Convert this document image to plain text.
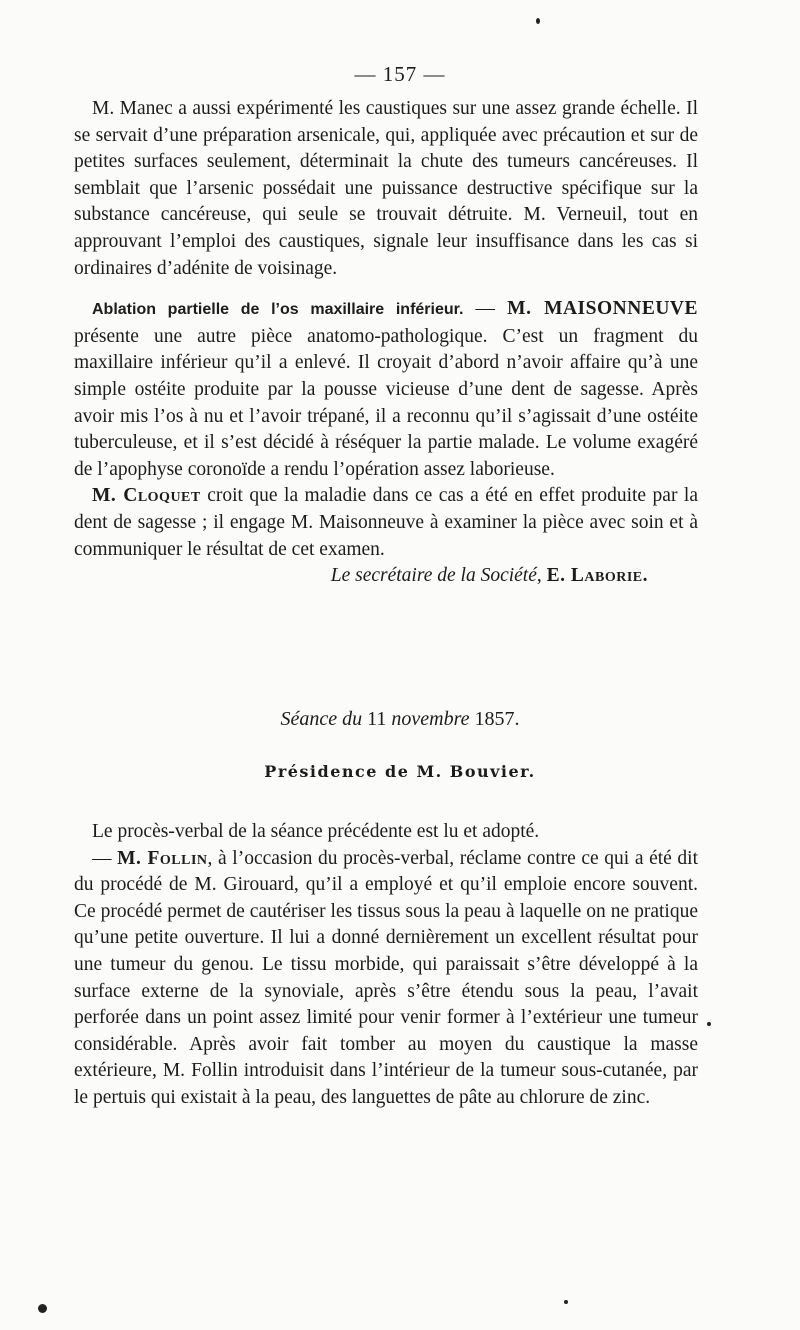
— 157 —

M. Manec a aussi expérimenté les caustiques sur une assez grande échelle. Il se servait d’une préparation arsenicale, qui, appliquée avec précaution et sur de petites surfaces seulement, déterminait la chute des tumeurs cancéreuses. Il semblait que l’arsenic possédait une puissance destructive spécifique sur la substance cancéreuse, qui seule se trouvait détruite. M. Verneuil, tout en approuvant l’emploi des caustiques, signale leur insuffisance dans les cas si ordinaires d’adénite de voisinage.

Ablation partielle de l’os maxillaire inférieur. — M. MAISONNEUVE présente une autre pièce anatomo-pathologique. C’est un fragment du maxillaire inférieur qu’il a enlevé. Il croyait d’abord n’avoir affaire qu’à une simple ostéite produite par la pousse vicieuse d’une dent de sagesse. Après avoir mis l’os à nu et l’avoir trépané, il a reconnu qu’il s’agissait d’une ostéite tuberculeuse, et il s’est décidé à réséquer la partie malade. Le volume exagéré de l’apophyse coronoïde a rendu l’opération assez laborieuse.

M. Cloquet croit que la maladie dans ce cas a été en effet produite par la dent de sagesse ; il engage M. Maisonneuve à examiner la pièce avec soin et à communiquer le résultat de cet examen.

Le secrétaire de la Société, E. Laborie.

Séance du 11 novembre 1857.
Présidence de M. Bouvier.

Le procès-verbal de la séance précédente est lu et adopté.

— M. Follin, à l’occasion du procès-verbal, réclame contre ce qui a été dit du procédé de M. Girouard, qu’il a employé et qu’il emploie encore souvent. Ce procédé permet de cautériser les tissus sous la peau à laquelle on ne pratique qu’une petite ouverture. Il lui a donné dernièrement un excellent résultat pour une tumeur du genou. Le tissu morbide, qui paraissait s’être développé à la surface externe de la synoviale, après s’être étendu sous la peau, l’avait perforée dans un point assez limité pour venir former à l’extérieur une tumeur considérable. Après avoir fait tomber au moyen du caustique la masse extérieure, M. Follin introduisit dans l’intérieur de la tumeur sous-cutanée, par le pertuis qui existait à la peau, des languettes de pâte au chlorure de zinc.
